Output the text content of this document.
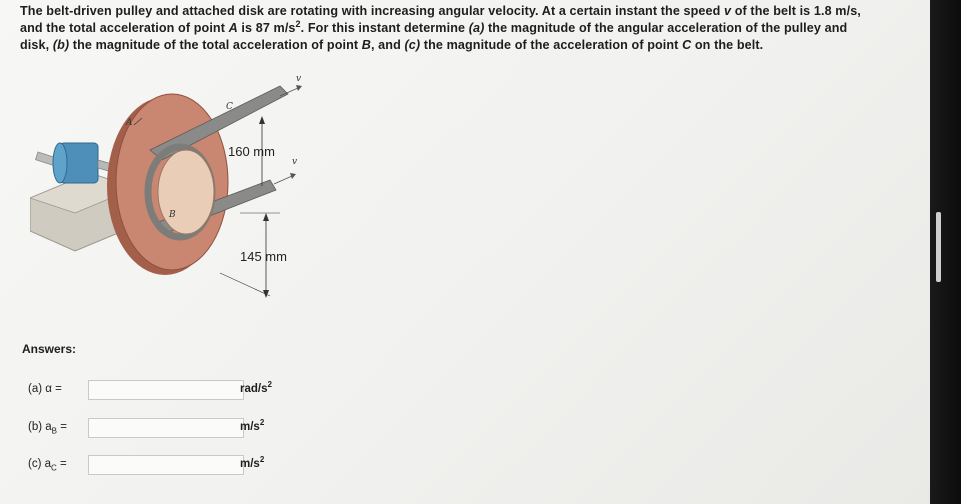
The belt-driven pulley and attached disk are rotating with increasing angular velocity. At a certain instant the speed v of the belt is 1.8 m/s,
and the total acceleration of point A is 87 $m/s^2$. For this instant determine (a) the magnitude of the angular acceleration of the pulley and
disk, (b) the magnitude of the total acceleration of point B, and (c) the magnitude of the acceleration of point C on the belt.
160 mm
145 mm
A
B
C
v
v
Answers:
(a) α =	rad/$s^2$
(b) $a_B$ =	$m/s^2$
(c) $a_C$ =	$m/s^2$
